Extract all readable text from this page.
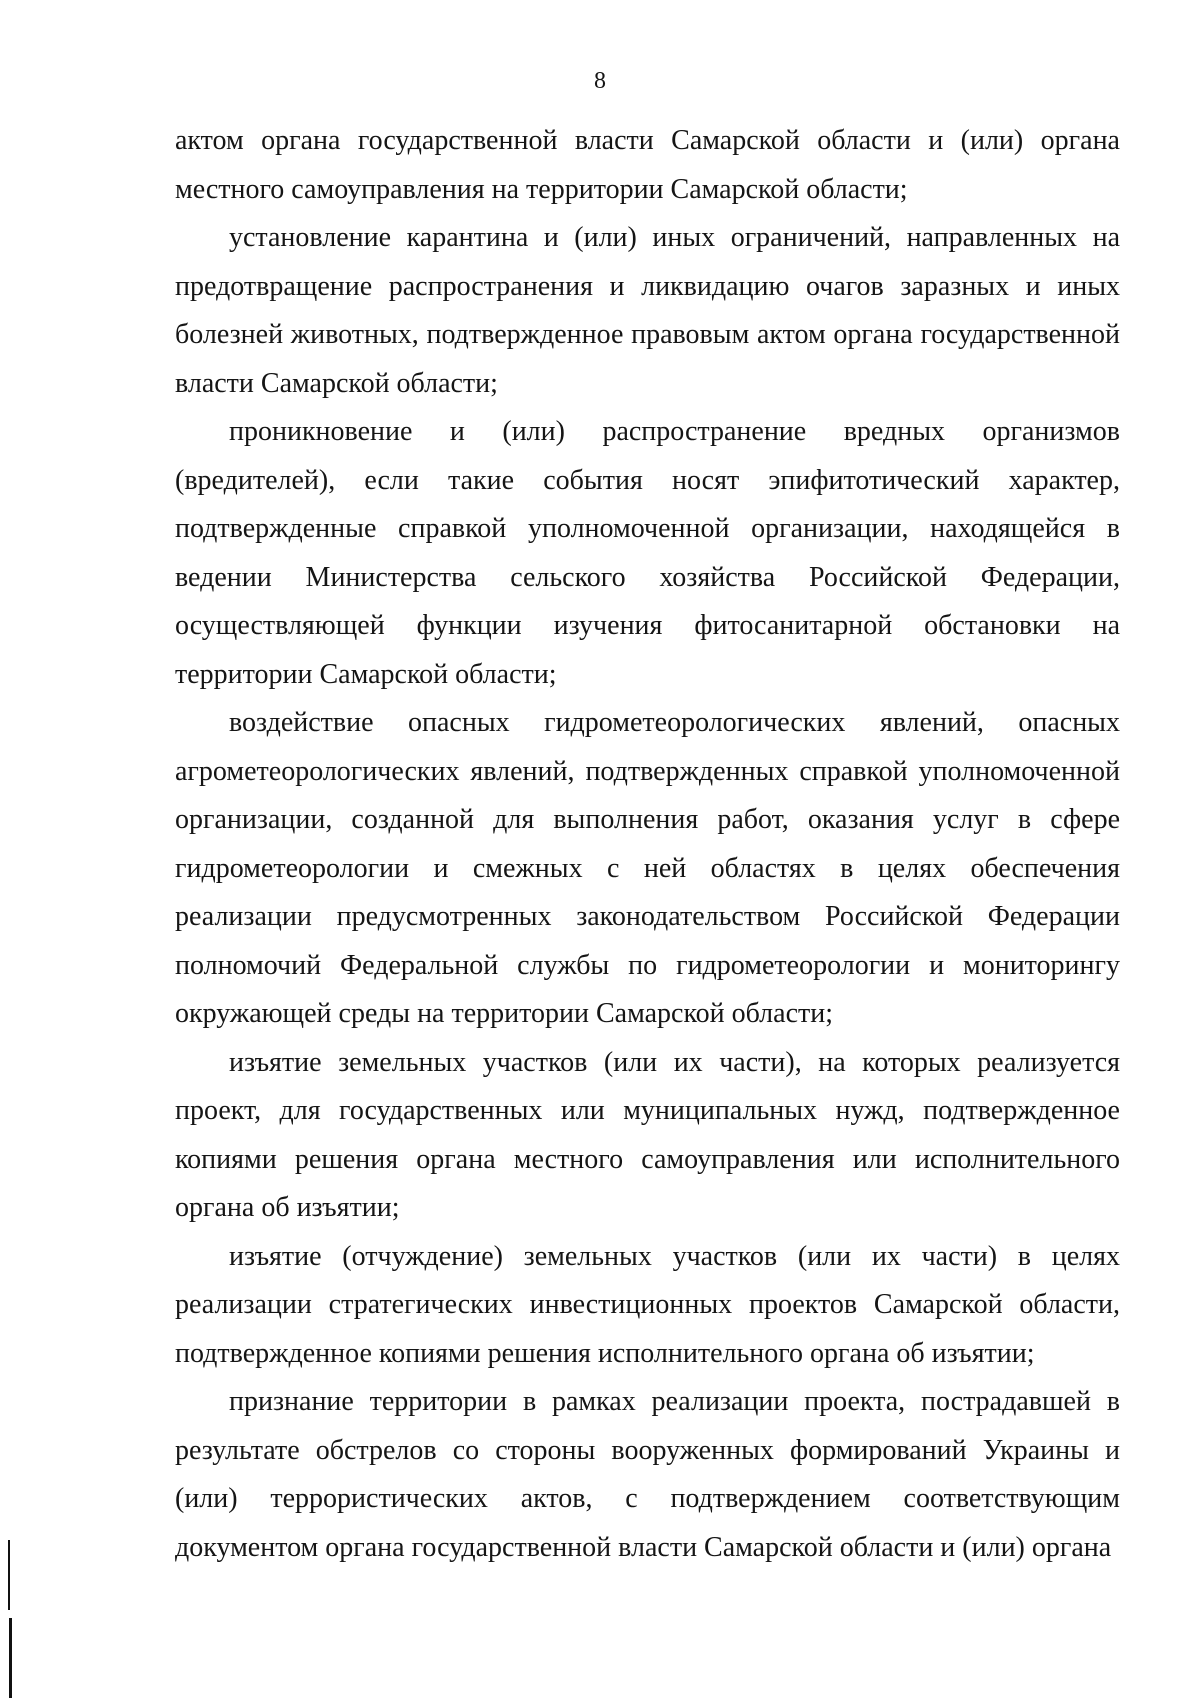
8

актом органа государственной власти Самарской области и (или) органа местного самоуправления на территории Самарской области;

установление карантина и (или) иных ограничений, направленных на предотвращение распространения и ликвидацию очагов заразных и иных болезней животных, подтвержденное правовым актом органа государственной власти Самарской области;

проникновение и (или) распространение вредных организмов (вредителей), если такие события носят эпифитотический характер, подтвержденные справкой уполномоченной организации, находящейся в ведении Министерства сельского хозяйства Российской Федерации, осуществляющей функции изучения фитосанитарной обстановки на территории Самарской области;

воздействие опасных гидрометеорологических явлений, опасных агрометеорологических явлений, подтвержденных справкой уполномоченной организации, созданной для выполнения работ, оказания услуг в сфере гидрометеорологии и смежных с ней областях в целях обеспечения реализации предусмотренных законодательством Российской Федерации полномочий Федеральной службы по гидрометеорологии и мониторингу окружающей среды на территории Самарской области;

изъятие земельных участков (или их части), на которых реализуется проект, для государственных или муниципальных нужд, подтвержденное копиями решения органа местного самоуправления или исполнительного органа об изъятии;

изъятие (отчуждение) земельных участков (или их части) в целях реализации стратегических инвестиционных проектов Самарской области, подтвержденное копиями решения исполнительного органа об изъятии;

признание территории в рамках реализации проекта, пострадавшей в результате обстрелов со стороны вооруженных формирований Украины и (или) террористических актов, с подтверждением соответствующим документом органа государственной власти Самарской области и (или) органа
